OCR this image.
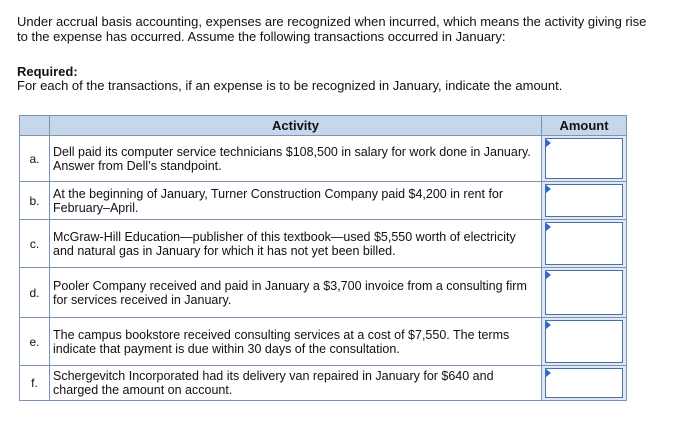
Under accrual basis accounting, expenses are recognized when incurred, which means the activity giving rise to the expense has occurred. Assume the following transactions occurred in January:

Required:

For each of the transactions, if an expense is to be recognized in January, indicate the amount.

Activity	Amount
a.	Dell paid its computer service technicians $108,500 in salary for work done in January. Answer from Dell’s standpoint.
b.	At the beginning of January, Turner Construction Company paid $4,200 in rent for February–April.
c.	McGraw-Hill Education—publisher of this textbook—used $5,550 worth of electricity and natural gas in January for which it has not yet been billed.
d.	Pooler Company received and paid in January a $3,700 invoice from a consulting firm for services received in January.
e.	The campus bookstore received consulting services at a cost of $7,550. The terms indicate that payment is due within 30 days of the consultation.
f.	Schergevitch Incorporated had its delivery van repaired in January for $640 and charged the amount on account.
